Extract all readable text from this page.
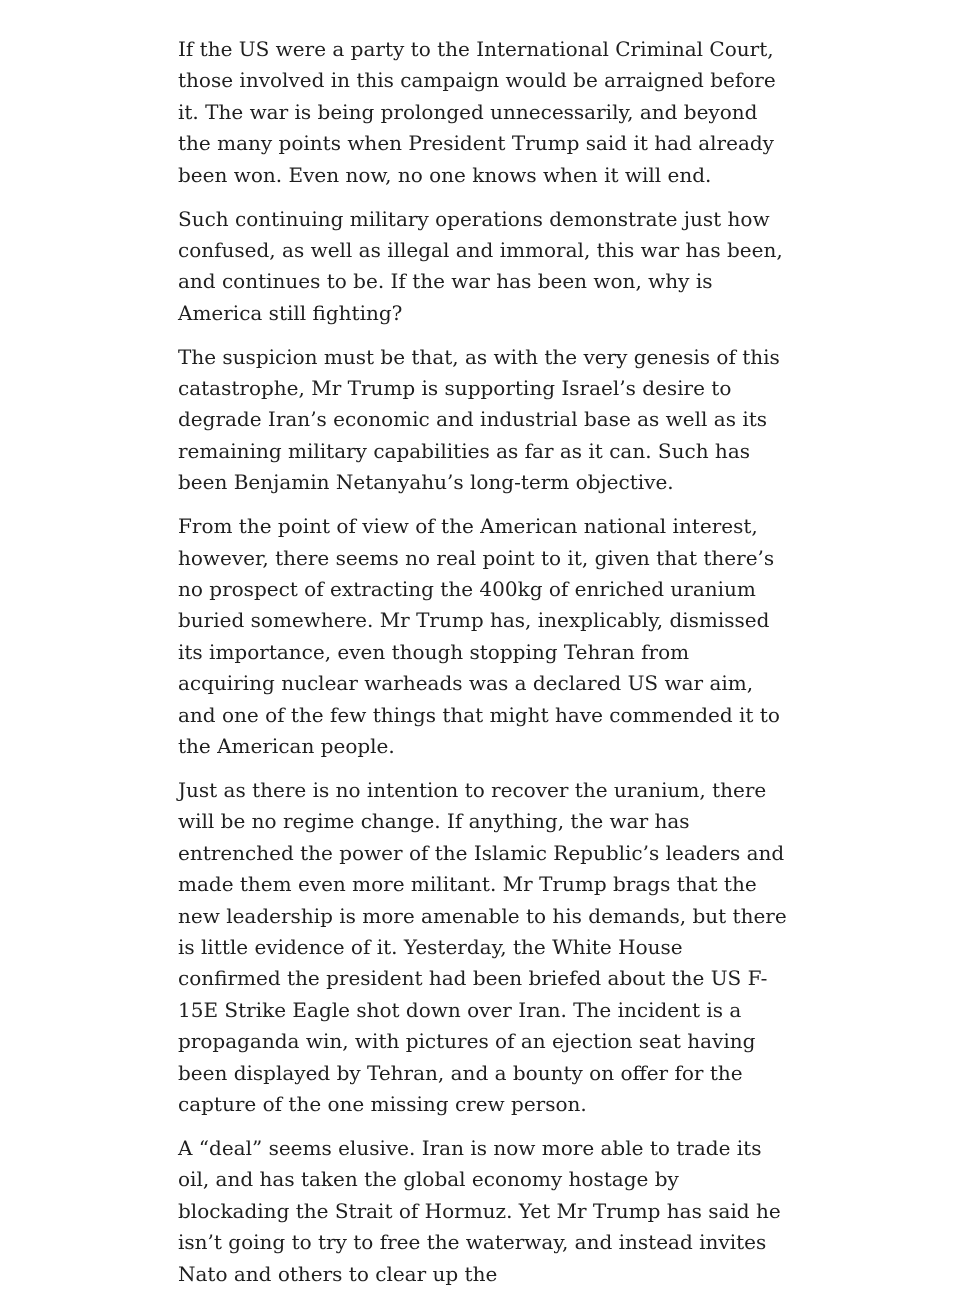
If the US were a party to the International Criminal Court, those involved in this campaign would be arraigned before it. The war is being prolonged unnecessarily, and beyond the many points when President Trump said it had already been won. Even now, no one knows when it will end.

Such continuing military operations demonstrate just how confused, as well as illegal and immoral, this war has been, and continues to be. If the war has been won, why is America still fighting?

The suspicion must be that, as with the very genesis of this catastrophe, Mr Trump is supporting Israel’s desire to degrade Iran’s economic and industrial base as well as its remaining military capabilities as far as it can. Such has been Benjamin Netanyahu’s long-term objective.

From the point of view of the American national interest, however, there seems no real point to it, given that there’s no prospect of extracting the 400kg of enriched uranium buried somewhere. Mr Trump has, inexplicably, dismissed its importance, even though stopping Tehran from acquiring nuclear warheads was a declared US war aim, and one of the few things that might have commended it to the American people.

Just as there is no intention to recover the uranium, there will be no regime change. If anything, the war has entrenched the power of the Islamic Republic’s leaders and made them even more militant. Mr Trump brags that the new leadership is more amenable to his demands, but there is little evidence of it. Yesterday, the White House confirmed the president had been briefed about the US F-15E Strike Eagle shot down over Iran. The incident is a propaganda win, with pictures of an ejection seat having been displayed by Tehran, and a bounty on offer for the capture of the one missing crew person.

A “deal” seems elusive. Iran is now more able to trade its oil, and has taken the global economy hostage by blockading the Strait of Hormuz. Yet Mr Trump has said he isn’t going to try to free the waterway, and instead invites Nato and others to clear up the
